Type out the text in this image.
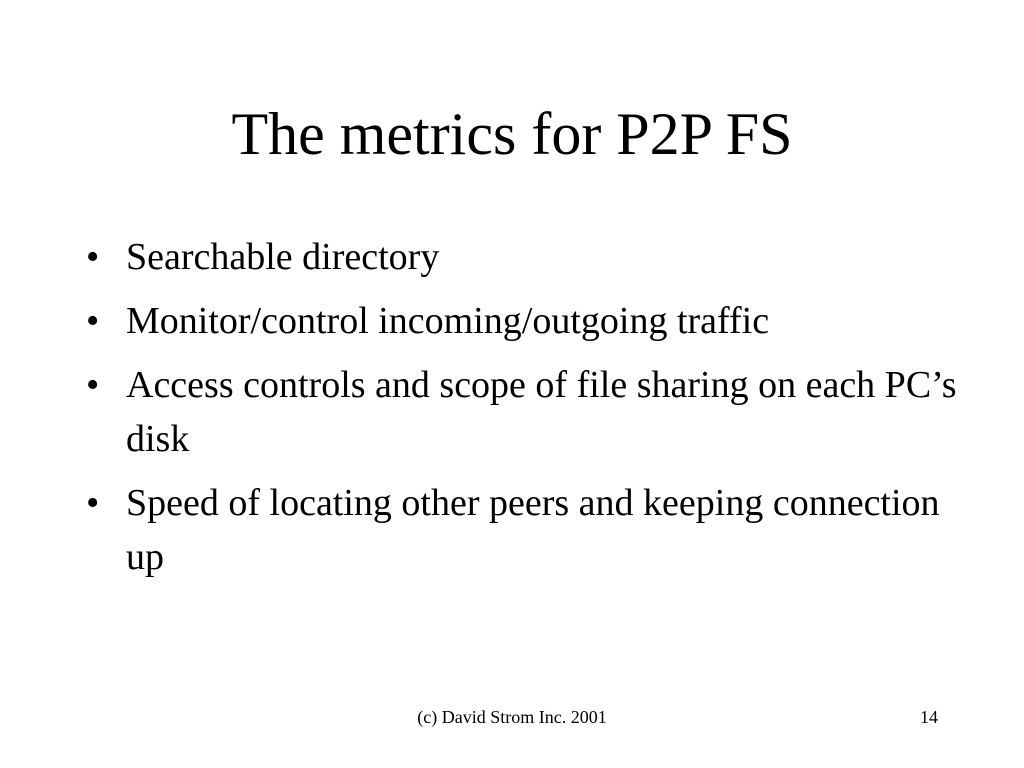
The metrics for P2P FS
• Searchable directory
• Monitor/control incoming/outgoing traffic
• Access controls and scope of file sharing on each PC’s disk
• Speed of locating other peers and keeping connection up
(c) David Strom Inc. 2001	14
